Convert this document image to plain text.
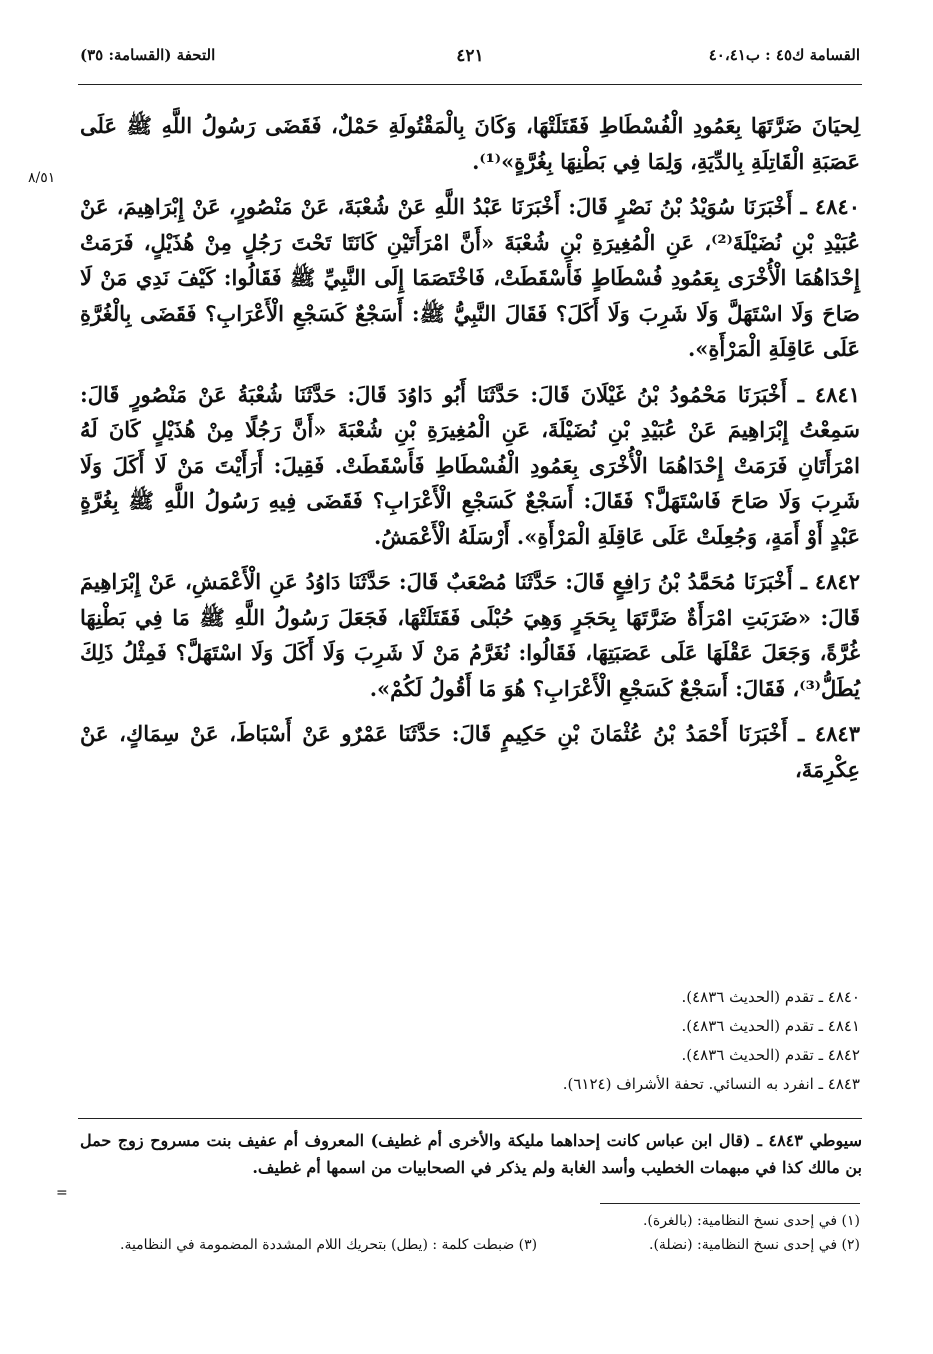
القسامة ك٤٥ : ب٤٠،٤١
٤٢١
التحفة (القسامة: ٣٥)
٨/٥١

لِحيَانَ ضَرَّتَهَا بِعَمُودِ الْفُسْطَاطِ فَقَتَلَتْهَا، وَكَانَ بِالْمَقْتُولَةِ حَمْلٌ، فَقَضَى رَسُولُ اللَّهِ ﷺ عَلَى عَصَبَةِ الْقَاتِلَةِ بِالدِّيَةِ، وَلِمَا فِي بَطْنِهَا بِغُرَّةٍ»⁽¹⁾.

٤٨٤٠ ـ أَخْبَرَنَا سُوَيْدُ بْنُ نَصْرٍ قَالَ: أَخْبَرَنَا عَبْدُ اللَّهِ عَنْ شُعْبَةَ، عَنْ مَنْصُورٍ، عَنْ إِبْرَاهِيمَ، عَنْ عُبَيْدِ بْنِ نُضَيْلَةَ⁽²⁾، عَنِ الْمُغِيرَةِ بْنِ شُعْبَةَ «أَنَّ امْرَأَتَيْنِ كَانَتَا تَحْتَ رَجُلٍ مِنْ هُذَيْلٍ، فَرَمَتْ إِحْدَاهُمَا الْأُخْرَى بِعَمُودِ فُسْطَاطٍ فَأَسْقَطَتْ، فَاخْتَصَمَا إِلَى النَّبِيِّ ﷺ فَقَالُوا: كَيْفَ نَدِي مَنْ لَا صَاحَ وَلَا اسْتَهَلَّ وَلَا شَرِبَ وَلَا أَكَلَ؟ فَقَالَ النَّبِيُّ ﷺ: أَسَجْعٌ كَسَجْعِ الْأَعْرَابِ؟ فَقَضَى بِالْغُرَّةِ عَلَى عَاقِلَةِ الْمَرْأَةِ».

٤٨٤١ ـ أَخْبَرَنَا مَحْمُودُ بْنُ غَيْلَانَ قَالَ: حَدَّثَنَا أَبُو دَاوُدَ قَالَ: حَدَّثَنَا شُعْبَةُ عَنْ مَنْصُورٍ قَالَ: سَمِعْتُ إِبْرَاهِيمَ عَنْ عُبَيْدِ بْنِ نُضَيْلَةَ، عَنِ الْمُغِيرَةِ بْنِ شُعْبَةَ «أَنَّ رَجُلًا مِنْ هُذَيْلٍ كَانَ لَهُ امْرَأَتَانِ فَرَمَتْ إِحْدَاهُمَا الْأُخْرَى بِعَمُودِ الْفُسْطَاطِ فَأَسْقَطَتْ. فَقِيلَ: أَرَأَيْتَ مَنْ لَا أَكَلَ وَلَا شَرِبَ وَلَا صَاحَ فَاسْتَهَلَّ؟ فَقَالَ: أَسَجْعٌ كَسَجْعِ الْأَعْرَابِ؟ فَقَضَى فِيهِ رَسُولُ اللَّهِ ﷺ بِغُرَّةٍ عَبْدٍ أَوْ أَمَةٍ، وَجُعِلَتْ عَلَى عَاقِلَةِ الْمَرْأَةِ». أَرْسَلَهُ الْأَعْمَشُ.

٤٨٤٢ ـ أَخْبَرَنَا مُحَمَّدُ بْنُ رَافِعٍ قَالَ: حَدَّثَنَا مُصْعَبٌ قَالَ: حَدَّثَنَا دَاوُدُ عَنِ الْأَعْمَشِ، عَنْ إِبْرَاهِيمَ قَالَ: «ضَرَبَتِ امْرَأَةٌ ضَرَّتَهَا بِحَجَرٍ وَهِيَ حُبْلَى فَقَتَلَتْهَا، فَجَعَلَ رَسُولُ اللَّهِ ﷺ مَا فِي بَطْنِهَا غُرَّةً، وَجَعَلَ عَقْلَهَا عَلَى عَصَبَتِهَا، فَقَالُوا: نُغَرَّمُ مَنْ لَا شَرِبَ وَلَا أَكَلَ وَلَا اسْتَهَلَّ؟ فَمِثْلُ ذَلِكَ يُطَلُّ⁽³⁾، فَقَالَ: أَسَجْعٌ كَسَجْعِ الْأَعْرَابِ؟ هُوَ مَا أَقُولُ لَكُمْ».

٤٨٤٣ ـ أَخْبَرَنَا أَحْمَدُ بْنُ عُثْمَانَ بْنِ حَكِيمٍ قَالَ: حَدَّثَنَا عَمْرٌو عَنْ أَسْبَاطَ، عَنْ سِمَاكٍ، عَنْ عِكْرِمَةَ،

٤٨٤٠ ـ تقدم (الحديث ٤٨٣٦).
٤٨٤١ ـ تقدم (الحديث ٤٨٣٦).
٤٨٤٢ ـ تقدم (الحديث ٤٨٣٦).
٤٨٤٣ ـ انفرد به النسائي. تحفة الأشراف (٦١٢٤).
سيوطي ٤٨٤٣ ـ (قال ابن عباس كانت إحداهما مليكة والأخرى أم غطيف) المعروف أم عفيف بنت مسروح زوج حمل بن مالك كذا في مبهمات الخطيب وأسد الغابة ولم يذكر في الصحابيات من اسمها أم غطيف.
=
(١) في إحدى نسخ النظامية: (بالغرة).
(٢) في إحدى نسخ النظامية: (نضلة).
(٣) ضبطت كلمة : (يطل) بتحريك اللام المشددة المضمومة في النظامية.
